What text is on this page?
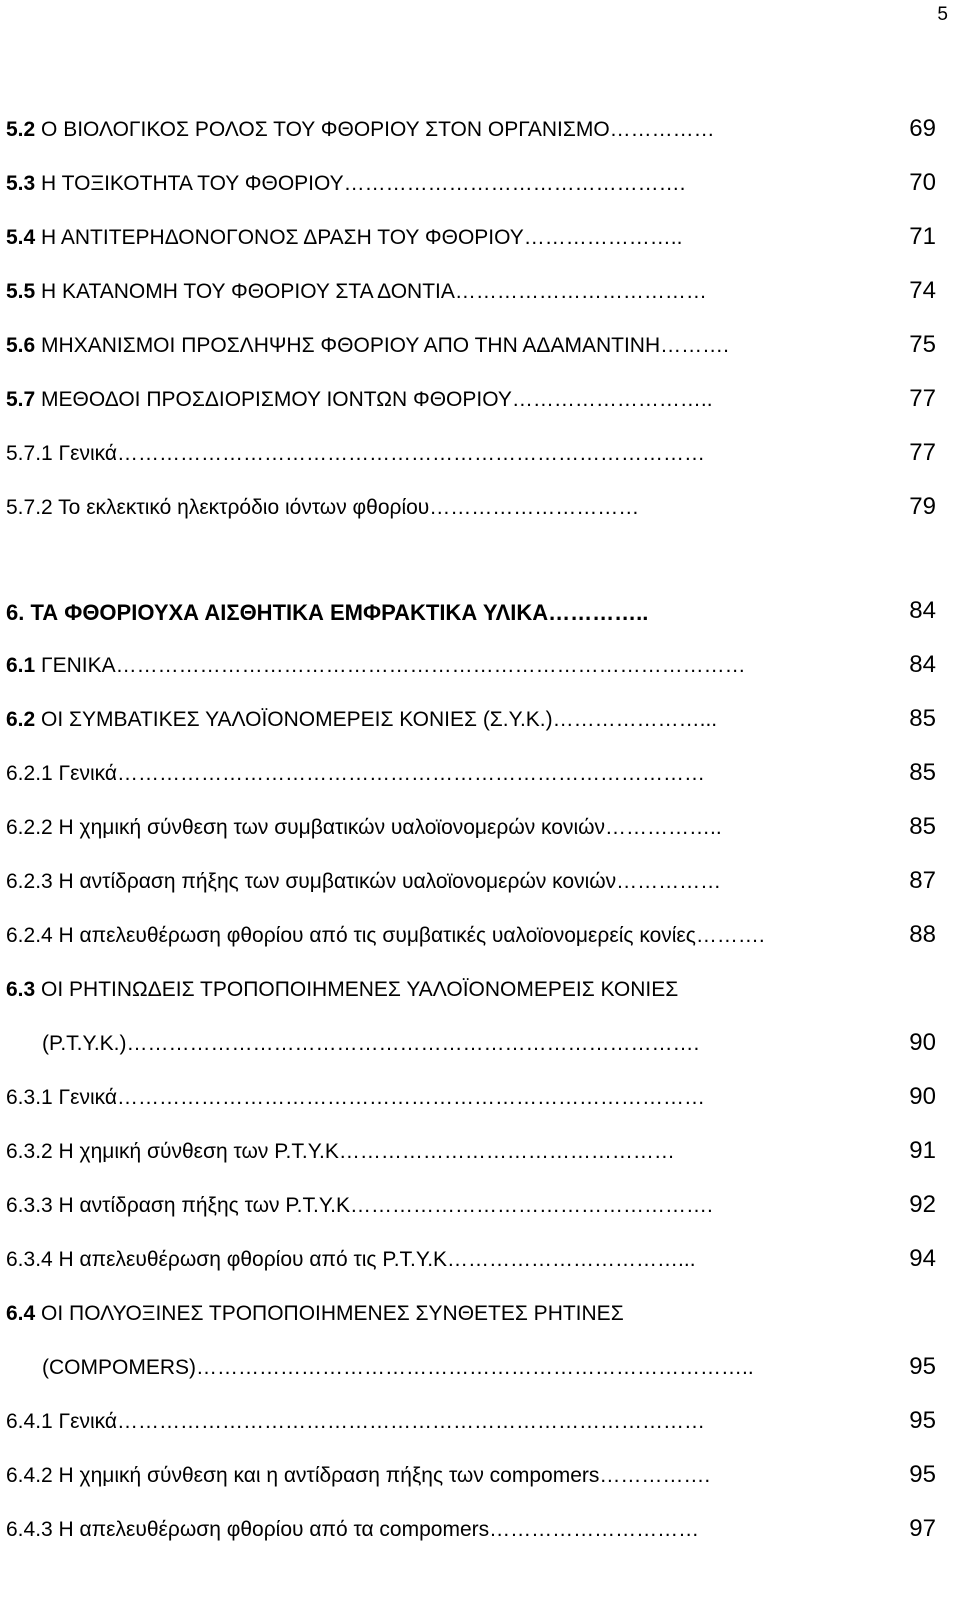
5
5.2 Ο ΒΙΟΛΟΓΙΚΟΣ ΡΟΛΟΣ ΤΟΥ ΦΘΟΡΙΟΥ ΣΤΟΝ ΟΡΓΑΝΙΣΜΟ……………	69
5.3 Η ΤΟΞΙΚΟΤΗΤΑ ΤΟΥ ΦΘΟΡΙΟΥ………………………………………….	70
5.4 Η ΑΝΤΙΤΕΡΗΔΟΝΟΓΟΝΟΣ ΔΡΑΣΗ ΤΟΥ ΦΘΟΡΙΟΥ…………………..	71
5.5 Η ΚΑΤΑΝΟΜΗ ΤΟΥ ΦΘΟΡΙΟΥ ΣΤΑ ΔΟΝΤΙΑ………………………………	74
5.6 ΜΗΧΑΝΙΣΜΟΙ ΠΡΟΣΛΗΨΗΣ ΦΘΟΡΙΟΥ ΑΠΟ ΤΗΝ ΑΔΑΜΑΝΤΙΝΗ……….	75
5.7 ΜΕΘΟΔΟΙ ΠΡΟΣΔΙΟΡΙΣΜΟΥ ΙΟΝΤΩΝ ΦΘΟΡΙΟΥ………………………..	77
5.7.1 Γενικά…………………………………………………………………………	77
5.7.2 Το εκλεκτικό ηλεκτρόδιο ιόντων φθορίου…………………………	79
6. ΤΑ ΦΘΟΡΙΟΥΧΑ ΑΙΣΘΗΤΙΚΑ ΕΜΦΡΑΚΤΙΚΑ ΥΛΙΚΑ…………..	84
6.1 ΓΕΝΙΚΑ………………………………………………………………………………	84
6.2 ΟΙ ΣΥΜΒΑΤΙΚΕΣ ΥΑΛΟΪΟΝΟΜΕΡΕΙΣ ΚΟΝΙΕΣ (Σ.Υ.Κ.)…………………...	85
6.2.1 Γενικά…………………………………………………………………………	85
6.2.2 Η χημική σύνθεση των συμβατικών υαλοϊονομερών κονιών……………..	85
6.2.3 Η αντίδραση πήξης των συμβατικών υαλοϊονομερών κονιών……………	87
6.2.4 Η απελευθέρωση φθορίου από τις συμβατικές υαλοϊονομερείς κονίες……….	88
6.3 ΟΙ ΡΗΤΙΝΩΔΕΙΣ ΤΡΟΠΟΠΟΙΗΜΕΝΕΣ ΥΑΛΟΪΟΝΟΜΕΡΕΙΣ ΚΟΝΙΕΣ
(Ρ.Τ.Υ.Κ.)……………………………………………………………………….	90
6.3.1 Γενικά…………………………………………………………………………	90
6.3.2 Η χημική σύνθεση των Ρ.Τ.Υ.Κ…………………………………………	91
6.3.3 Η αντίδραση πήξης των Ρ.Τ.Υ.Κ…………………………………………….	92
6.3.4 Η απελευθέρωση φθορίου από τις Ρ.Τ.Υ.Κ……………………………...	94
6.4 ΟΙ ΠΟΛΥΟΞΙΝΕΣ ΤΡΟΠΟΠΟΙΗΜΕΝΕΣ ΣΥΝΘΕΤΕΣ ΡΗΤΙΝΕΣ
(COMPOMERS)……………………………………………………………………..	95
6.4.1 Γενικά…………………………………………………………………………	95
6.4.2 Η χημική σύνθεση και η αντίδραση πήξης των compomers…………….	95
6.4.3 Η απελευθέρωση φθορίου από τα compomers…………………………	97
